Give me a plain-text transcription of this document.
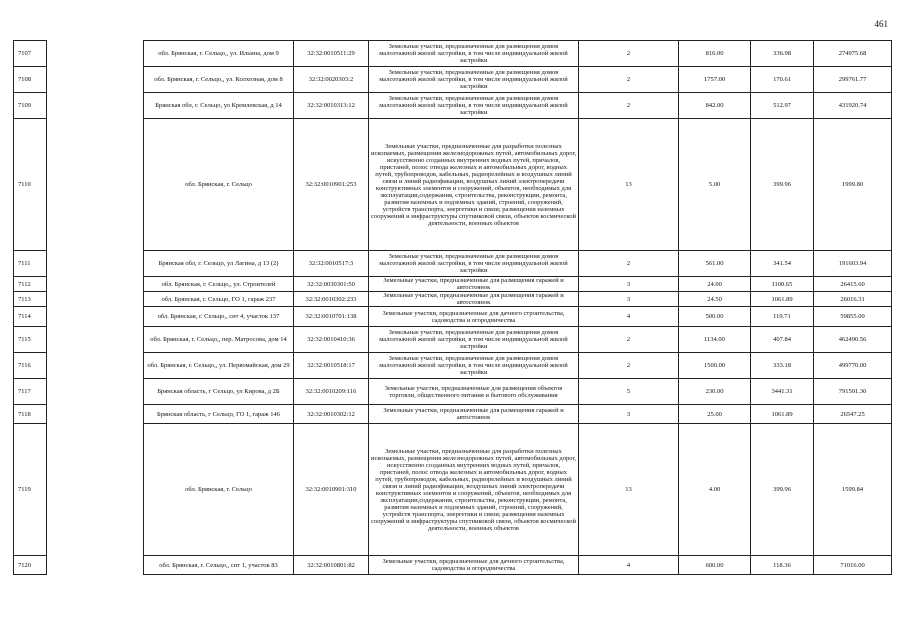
461
7107		обл. Брянская, г. Сельцо,, ул. Ильина, дом 9	32:32:0010511:29	Земельные участки, предназначенные для размещения домов малоэтажной жилой застройки, в том числе индивидуальной жилой застройки	2	816.00	336.98	274975.68
7108		обл. Брянская, г. Сельцо,, ул. Колхозная, дом 8	32:32:0020303:2	Земельные участки, предназначенные для размещения домов малоэтажной жилой застройки, в том числе индивидуальной жилой застройки	2	1757.00	170.61	299761.77
7109		Брянская обл, г. Сельцо, ул Кремлевская, д 14	32:32:0010313:12	Земельные участки, предназначенные для размещения домов малоэтажной жилой застройки, в том числе индивидуальной жилой застройки	2	842.00	512.97	431920.74
7110		обл. Брянская, г. Сельцо	32:32:0010901:253	Земельные участки, предназначенные для разработки полезных ископаемых, размещения железнодорожных путей, автомобильных дорог, искусственно созданных внутренних водных путей, причалов, пристаней, полос отвода железных и автомобильных дорог, водных путей, трубопроводов, кабельных, радиорелейных и воздушных линий связи и линий радиофикации, воздушных линий электропередачи конструктивных элементов и сооружений, объектов, необходимых для эксплуатации,содержания, строительства, реконструкции, ремонта, развития наземных и подземных зданий, строений, сооружений, устройств транспорта, энергетики и связи; размещения наземных сооружений и инфраструктуры спутниковой связи, объектов космической деятельности, военных объектов	13	5.00	399.96	1999.80
7111		Брянская обл, г. Сельцо, ул Лагина, д 13 (2)	32:32:0010517:3	Земельные участки, предназначенные для размещения домов малоэтажной жилой застройки, в том числе индивидуальной жилой застройки	2	561.00	341.54	191603.94
7112		обл. Брянская, г. Сельцо,, ул. Строителей	32:32:0030301:50	Земельные участки, предназначенные для размещения гаражей и автостоянок	3	24.00	1100.65	26415.60
7113		обл. Брянская, г. Сельцо, ГО 1, гараж 237	32:32:0010302:233	Земельные участки, предназначенные для размещения гаражей и автостоянок	3	24.50	1061.89	26016.31
7114		обл. Брянская, г. Сельцо,, снт 4, участок 137	32:32:0010701:138	Земельные участки, предназначенные для дачного строительства, садоводства и огородничества	4	500.00	119.71	59855.00
7115		обл. Брянская, г. Сельцо,, пер. Матросова, дом 14	32:32:0010410:36	Земельные участки, предназначенные для размещения домов малоэтажной жилой застройки, в том числе индивидуальной жилой застройки	2	1134.00	407.84	462490.56
7116		обл. Брянская, г. Сельцо,, ул. Первомайская, дом 29	32:32:0010518:17	Земельные участки, предназначенные для размещения домов малоэтажной жилой застройки, в том числе индивидуальной жилой застройки	2	1500.00	333.18	499770.00
7117		Брянская область, г Сельцо, ул Кирова, д 2Б	32:32:0010209:116	Земельные участки, предназначенные для размещения объектов торговли, общественного питания и бытового обслуживания	5	230.00	3441.31	791501.30
7118		Брянская область, г Сельцо, ГО 1, гараж 146	32:32:0010302:12	Земельные участки, предназначенные для размещения гаражей и автостоянок	3	25.00	1061.89	26547.25
7119		обл. Брянская, г. Сельцо	32:32:0010901:310	Земельные участки, предназначенные для разработки полезных ископаемых, размещения железнодорожных путей, автомобильных дорог, искусственно созданных внутренних водных путей, причалов, пристаней, полос отвода железных и автомобильных дорог, водных путей, трубопроводов, кабельных, радиорелейных и воздушных линий связи и линий радиофикации, воздушных линий электропередачи конструктивных элементов и сооружений, объектов, необходимых для эксплуатации,содержания, строительства, реконструкции, ремонта, развития наземных и подземных зданий, строений, сооружений, устройств транспорта, энергетики и связи; размещения наземных сооружений и инфраструктуры спутниковой связи, объектов космической деятельности, военных объектов	13	4.00	399.96	1599.84
7120		обл. Брянская, г. Сельцо,, снт 1, участок 83	32:32:0010801:82	Земельные участки, предназначенные для дачного строительства, садоводства и огородничества	4	600.00	118.36	71016.00
